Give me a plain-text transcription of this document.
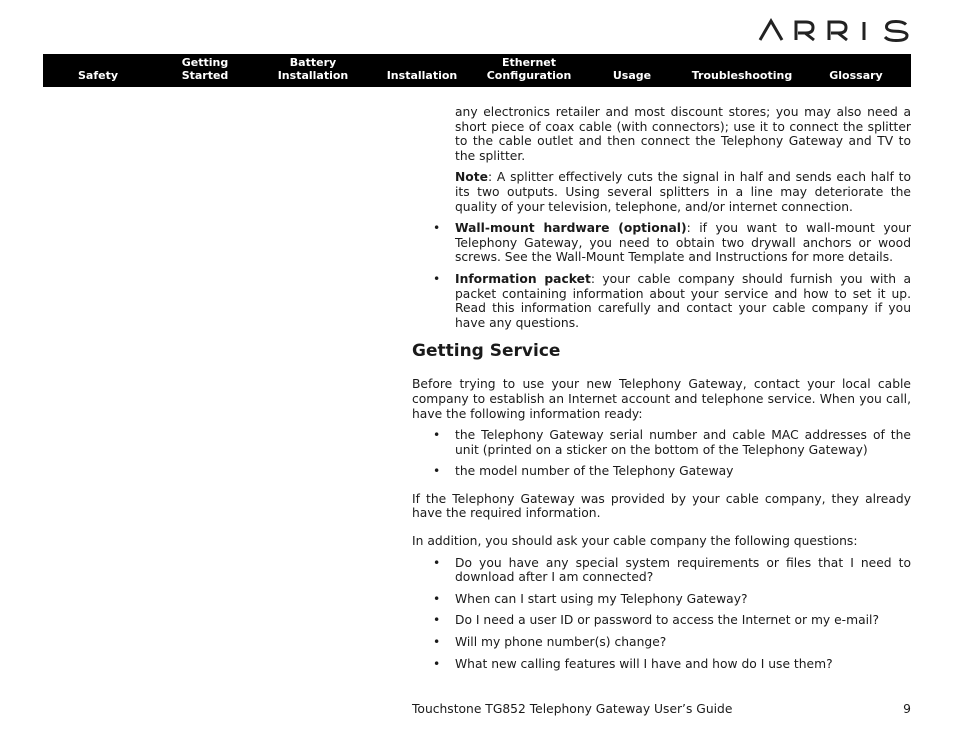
Safety
Getting
Started
Battery
Installation	Installation
Ethernet
Configuration	Usage	Troubleshooting	Glossary

any electronics retailer and most discount stores; you may also need a short piece of coax cable (with connectors); use it to connect the splitter to the cable outlet and then connect the Telephony Gateway and TV to the splitter.

Note: A splitter effectively cuts the signal in half and sends each half to its two outputs. Using several splitters in a line may deteriorate the quality of your television, telephone, and/or internet connection.

• Wall-mount hardware (optional): if you want to wall-mount your Telephony Gateway, you need to obtain two drywall anchors or wood screws. See the Wall-Mount Template and Instructions for more details.
• Information packet: your cable company should furnish you with a packet containing information about your service and how to set it up. Read this information carefully and contact your cable company if you have any questions.
Getting Service

Before trying to use your new Telephony Gateway, contact your local cable company to establish an Internet account and telephone service. When you call, have the following information ready:

• the Telephony Gateway serial number and cable MAC addresses of the unit (printed on a sticker on the bottom of the Telephony Gateway)
• the model number of the Telephony Gateway

If the Telephony Gateway was provided by your cable company, they already have the required information.

In addition, you should ask your cable company the following questions:

• Do you have any special system requirements or files that I need to download after I am connected?
• When can I start using my Telephony Gateway?
• Do I need a user ID or password to access the Internet or my e-mail?
• Will my phone number(s) change?
• What new calling features will I have and how do I use them?
Touchstone TG852 Telephony Gateway User’s Guide	9
